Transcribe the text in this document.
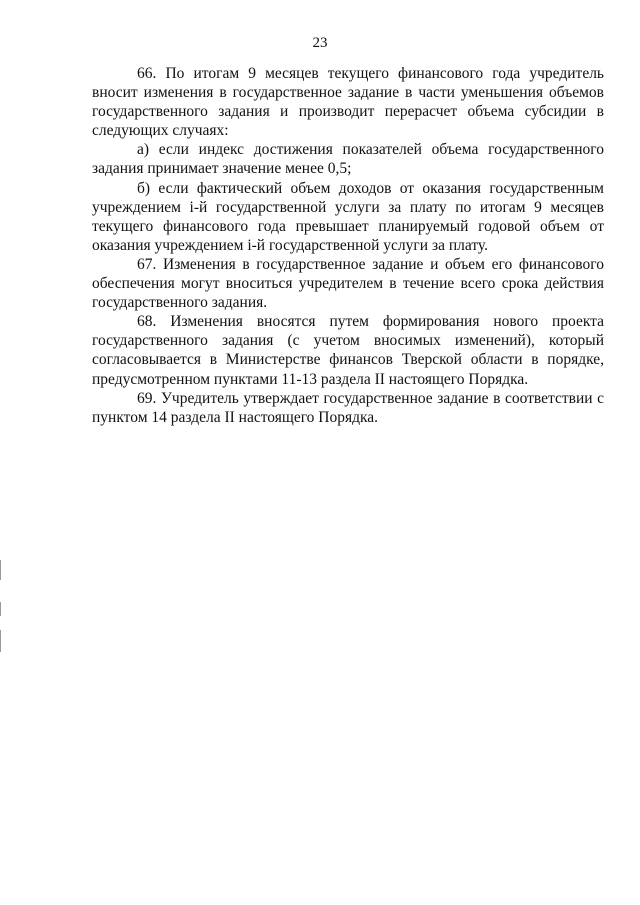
23

66. По итогам 9 месяцев текущего финансового года учредитель вносит изменения в государственное задание в части уменьшения объемов государственного задания и производит перерасчет объема субсидии в следующих случаях:

а) если индекс достижения показателей объема государственного задания принимает значение менее 0,5;

б) если фактический объем доходов от оказания государственным учреждением i-й государственной услуги за плату по итогам 9 месяцев текущего финансового года превышает планируемый годовой объем от оказания учреждением i-й государственной услуги за плату.

67. Изменения в государственное задание и объем его финансового обеспечения могут вноситься учредителем в течение всего срока действия государственного задания.

68. Изменения вносятся путем формирования нового проекта государственного задания (с учетом вносимых изменений), который согласовывается в Министерстве финансов Тверской области в порядке, предусмотренном пунктами 11-13 раздела II настоящего Порядка.

69. Учредитель утверждает государственное задание в соответствии с пунктом 14 раздела II настоящего Порядка.
